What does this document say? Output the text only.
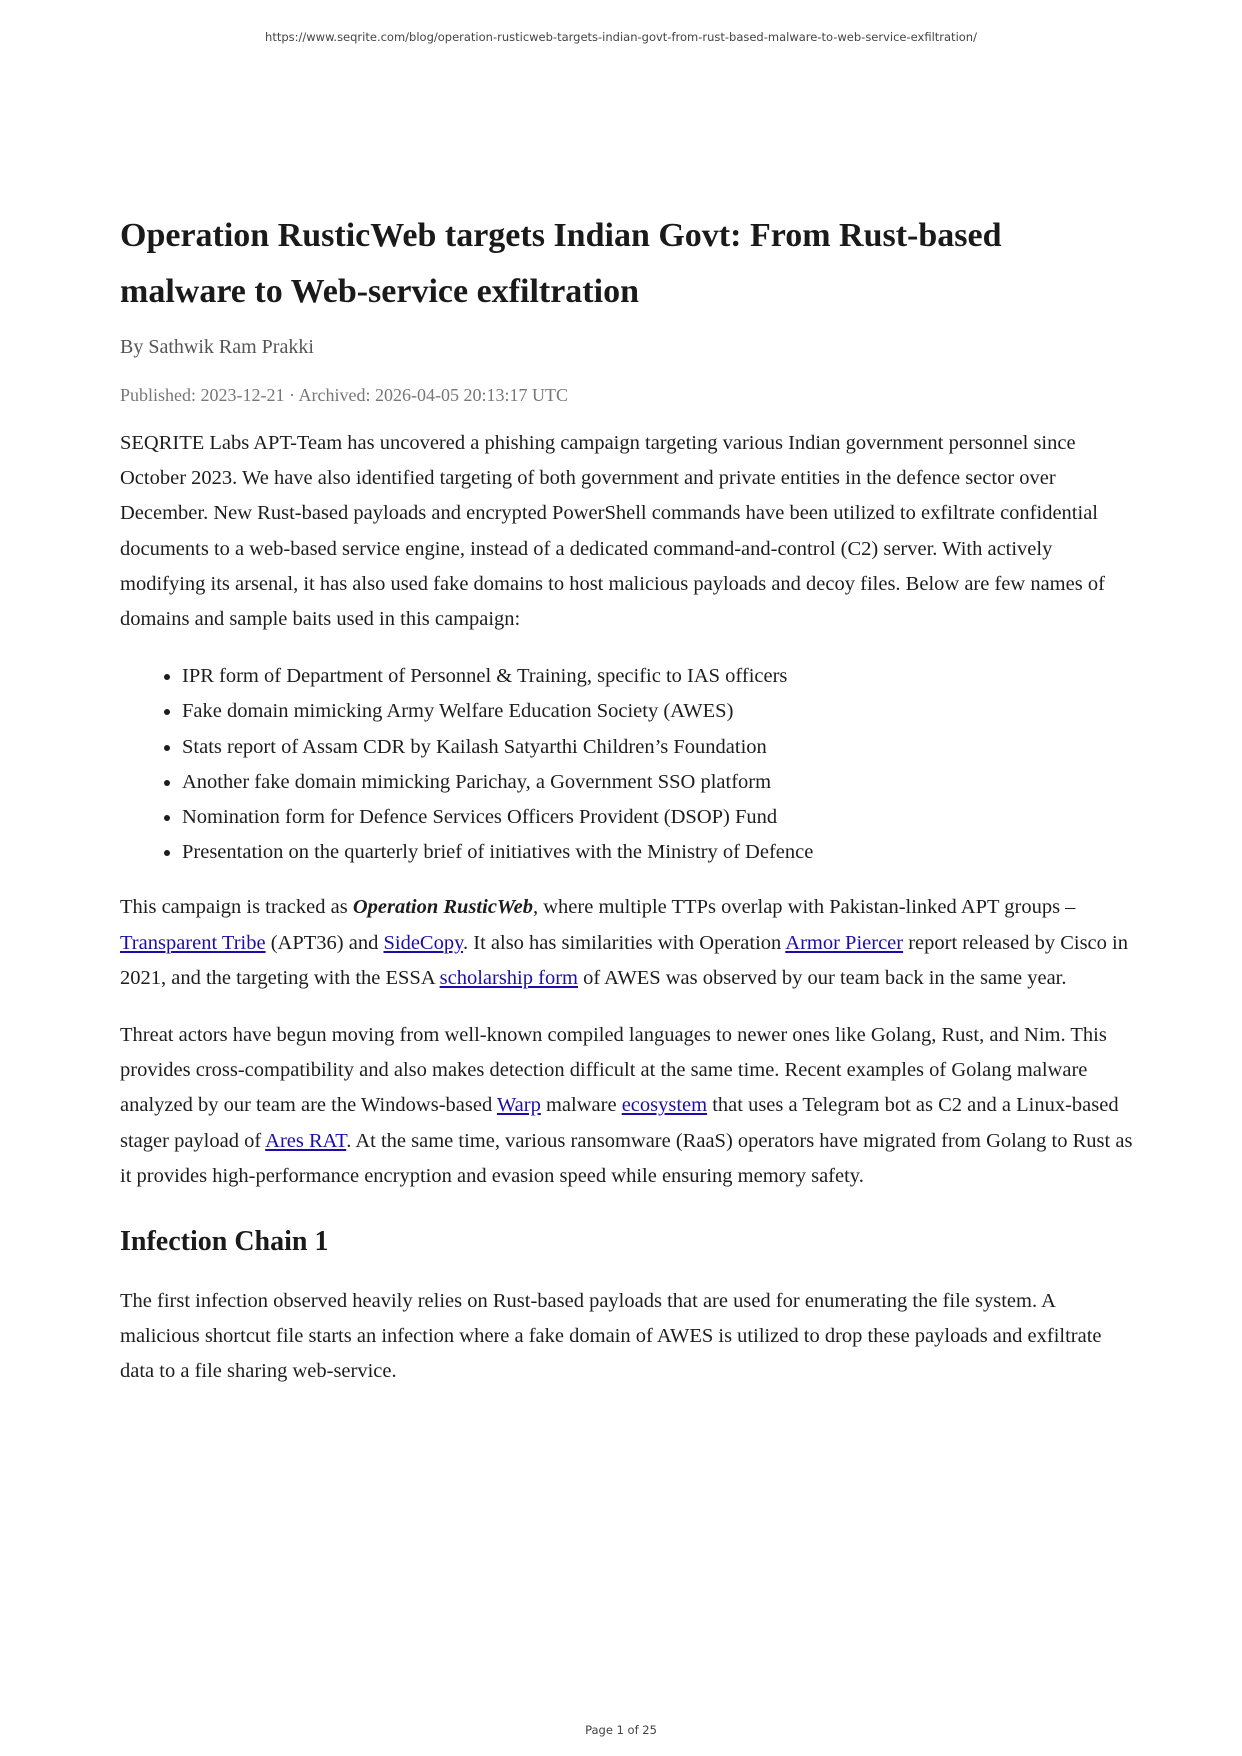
https://www.seqrite.com/blog/operation-rusticweb-targets-indian-govt-from-rust-based-malware-to-web-service-exfiltration/
Operation RusticWeb targets Indian Govt: From Rust-based malware to Web-service exfiltration
By Sathwik Ram Prakki
Published: 2023-12-21 · Archived: 2026-04-05 20:13:17 UTC

SEQRITE Labs APT-Team has uncovered a phishing campaign targeting various Indian government personnel since October 2023. We have also identified targeting of both government and private entities in the defence sector over December. New Rust-based payloads and encrypted PowerShell commands have been utilized to exfiltrate confidential documents to a web-based service engine, instead of a dedicated command-and-control (C2) server. With actively modifying its arsenal, it has also used fake domains to host malicious payloads and decoy files. Below are few names of domains and sample baits used in this campaign:

• IPR form of Department of Personnel & Training, specific to IAS officers
• Fake domain mimicking Army Welfare Education Society (AWES)
• Stats report of Assam CDR by Kailash Satyarthi Children’s Foundation
• Another fake domain mimicking Parichay, a Government SSO platform
• Nomination form for Defence Services Officers Provident (DSOP) Fund
• Presentation on the quarterly brief of initiatives with the Ministry of Defence

This campaign is tracked as Operation RusticWeb, where multiple TTPs overlap with Pakistan-linked APT groups – Transparent Tribe (APT36) and SideCopy. It also has similarities with Operation Armor Piercer report released by Cisco in 2021, and the targeting with the ESSA scholarship form of AWES was observed by our team back in the same year.

Threat actors have begun moving from well-known compiled languages to newer ones like Golang, Rust, and Nim. This provides cross-compatibility and also makes detection difficult at the same time. Recent examples of Golang malware analyzed by our team are the Windows-based Warp malware ecosystem that uses a Telegram bot as C2 and a Linux-based stager payload of Ares RAT. At the same time, various ransomware (RaaS) operators have migrated from Golang to Rust as it provides high-performance encryption and evasion speed while ensuring memory safety.

Infection Chain 1

The first infection observed heavily relies on Rust-based payloads that are used for enumerating the file system. A malicious shortcut file starts an infection where a fake domain of AWES is utilized to drop these payloads and exfiltrate data to a file sharing web-service.

Page 1 of 25
